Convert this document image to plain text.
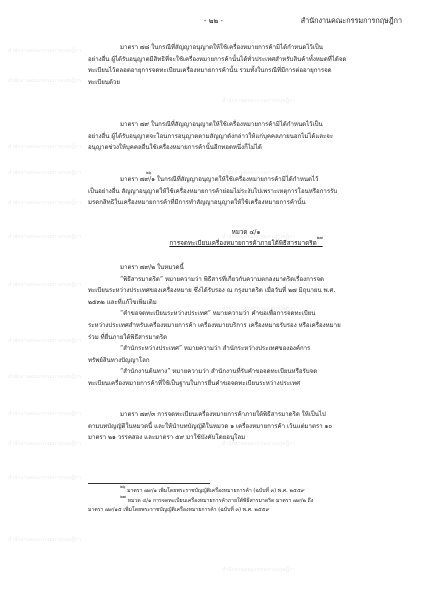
สำนักงานคณะกรรมการกฤษฎีกา
สำนักงานคณะกรรมการกฤษฎีกา
สำนักงานคณะกรรมการกฤษฎีกา
สำนักงานคณะกรรมการกฤษฎีกา
สำนักงานคณะกรรมการกฤษฎีกา	สำนักงานคณะกรรมการกฤษฎีกา
สำนักงานคณะกรรมการกฤษฎีกา
สำนักงานคณะกรรมการกฤษฎีกา	สำนักงานคณะกรรมการกฤษฎีกา
สำนักงานคณะกรรมการกฤษฎีกา
สำนักงานคณะกรรมการกฤษฎีกา
สำนักงานคณะกรรมการกฤษฎีกา
สำนักงานคณะกรรมการกฤษฎีกา	สำนักงานคณะกรรมการกฤษฎีกา
สำนักงานคณะกรรมการกฤษฎีกา
สำนักงานคณะกรรมการกฤษฎีกา	สำนักงานคณะกรรมการกฤษฎีกา
สำนักงานคณะกรรมการกฤษฎีกา
สำนักงานคณะกรรมการกฤษฎีกา
สำนักงานคณะกรรมการกฤษฎีกา
- ๒๒ -	สำนักงานคณะกรรมการกฤษฎีกา
มาตรา ๗๘ ในกรณีที่สัญญาอนุญาตให้ใช้เครื่องหมายการค้ามิได้กำหนดไว้เป็น
อย่างอื่น ผู้ได้รับอนุญาตมีสิทธิที่จะใช้เครื่องหมายการค้านั้นได้ทั่วประเทศสำหรับสินค้าทั้งหมดที่ได้จด
ทะเบียนไว้ตลอดอายุการจดทะเบียนเครื่องหมายการค้านั้น รวมทั้งในกรณีที่มีการต่ออายุการจด
ทะเบียนด้วย
มาตรา ๗๙ ในกรณีที่สัญญาอนุญาตให้ใช้เครื่องหมายการค้ามิได้กำหนดไว้เป็น
อย่างอื่น ผู้ได้รับอนุญาตจะโอนการอนุญาตตามสัญญาดังกล่าวให้แก่บุคคลภายนอกไม่ได้และจะ
อนุญาตช่วงให้บุคคลอื่นใช้เครื่องหมายการค้านั้นอีกทอดหนึ่งก็ไม่ได้
มาตรา ๗๙/๑ ในกรณีที่สัญญาอนุญาตให้ใช้เครื่องหมายการค้ามิได้กำหนดไว้
เป็นอย่างอื่น สัญญาอนุญาตให้ใช้เครื่องหมายการค้าย่อมไม่ระงับไปเพราะเหตุการโอนหรือการรับ
มรดกสิทธิในเครื่องหมายการค้าที่มีการทำสัญญาอนุญาตให้ใช้เครื่องหมายการค้านั้น
๒๖
หมวด ๔/๑
การจดทะเบียนเครื่องหมายการค้าภายใต้พิธีสารมาดริด$^{๒๗}$
มาตรา ๗๙/๒ ในหมวดนี้
“พิธีสารมาดริด” หมายความว่า พิธีสารที่เกี่ยวกับความตกลงมาดริดเรื่องการจด
ทะเบียนระหว่างประเทศของเครื่องหมาย ซึ่งได้รับรอง ณ กรุงมาดริด เมื่อวันที่ ๒๗ มิถุนายน พ.ศ.
๒๕๓๒ และที่แก้ไขเพิ่มเติม
“คำขอจดทะเบียนระหว่างประเทศ” หมายความว่า คำขอเพื่อการจดทะเบียน
ระหว่างประเทศสำหรับเครื่องหมายการค้า เครื่องหมายบริการ เครื่องหมายรับรอง หรือเครื่องหมาย
ร่วม ที่ยื่นภายใต้พิธีสารมาดริด
“สำนักระหว่างประเทศ” หมายความว่า สำนักระหว่างประเทศขององค์การ
ทรัพย์สินทางปัญญาโลก
“สำนักงานต้นทาง” หมายความว่า สำนักงานที่รับคำขอจดทะเบียนหรือรับจด
ทะเบียนเครื่องหมายการค้าที่ใช้เป็นฐานในการยื่นคำขอจดทะเบียนระหว่างประเทศ
มาตรา ๗๙/๓ การจดทะเบียนเครื่องหมายการค้าภายใต้พิธีสารมาดริด ให้เป็นไป
ตามบทบัญญัติในหมวดนี้ และให้นำบทบัญญัติในหมวด ๑ เครื่องหมายการค้า เว้นแต่มาตรา ๑๐
มาตรา ๒๑ วรรคสอง และมาตรา ๕๙ มาใช้บังคับโดยอนุโลม
$^{๒๖}$ มาตรา ๗๙/๑ เพิ่มโดยพระราชบัญญัติเครื่องหมายการค้า (ฉบับที่ ๓) พ.ศ. ๒๕๕๙
$^{๒๗}$ หมวด ๔/๑ การจดทะเบียนเครื่องหมายการค้าภายใต้พิธีสารมาดริด มาตรา ๗๙/๒ ถึง
มาตรา ๗๙/๑๕ เพิ่มโดยพระราชบัญญัติเครื่องหมายการค้า (ฉบับที่ ๓) พ.ศ. ๒๕๕๙
